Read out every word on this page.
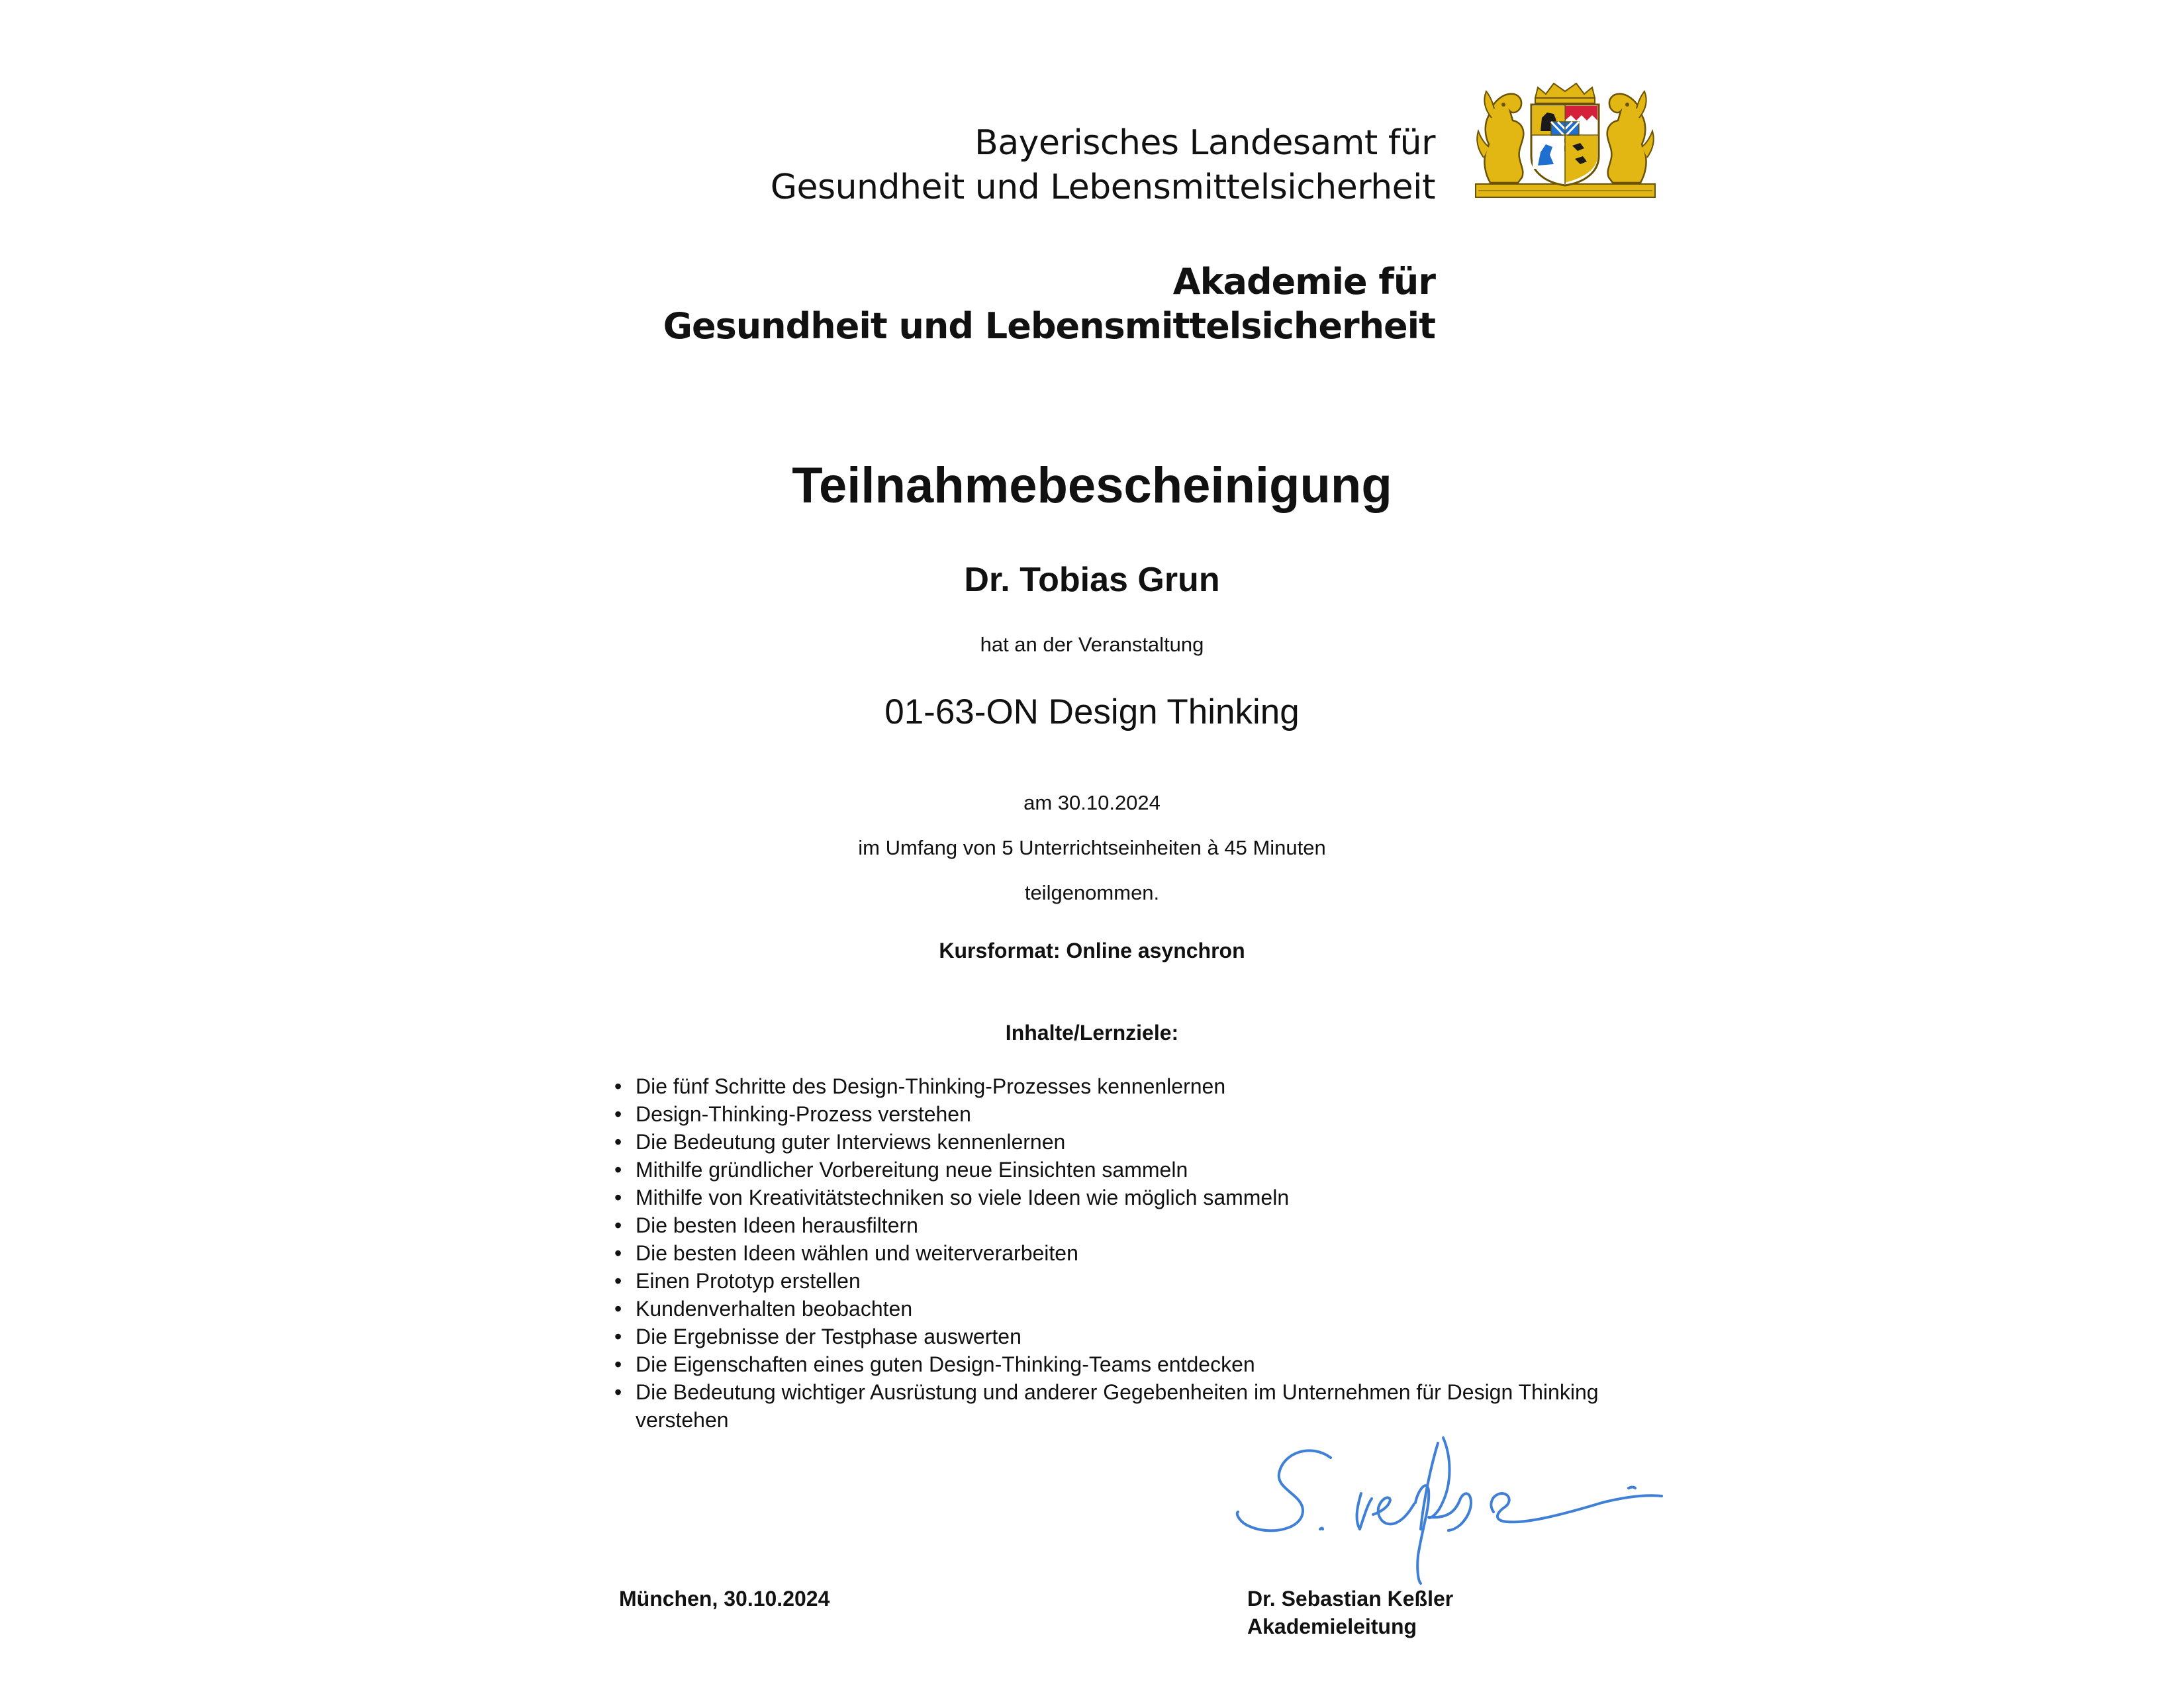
Bayerisches Landesamt für
Gesundheit und Lebensmittelsicherheit
Akademie für
Gesundheit und Lebensmittelsicherheit
Teilnahmebescheinigung
Dr. Tobias Grun
hat an der Veranstaltung
01-63-ON Design Thinking
am 30.10.2024
im Umfang von 5 Unterrichtseinheiten à 45 Minuten
teilgenommen.
Kursformat: Online asynchron
Inhalte/Lernziele:
• Die fünf Schritte des Design-Thinking-Prozesses kennenlernen
• Design-Thinking-Prozess verstehen
• Die Bedeutung guter Interviews kennenlernen
• Mithilfe gründlicher Vorbereitung neue Einsichten sammeln
• Mithilfe von Kreativitätstechniken so viele Ideen wie möglich sammeln
• Die besten Ideen herausfiltern
• Die besten Ideen wählen und weiterverarbeiten
• Einen Prototyp erstellen
• Kundenverhalten beobachten
• Die Ergebnisse der Testphase auswerten
• Die Eigenschaften eines guten Design-Thinking-Teams entdecken
• Die Bedeutung wichtiger Ausrüstung und anderer Gegebenheiten im Unternehmen für Design Thinking verstehen
München, 30.10.2024	Dr. Sebastian Keßler
Akademieleitung
